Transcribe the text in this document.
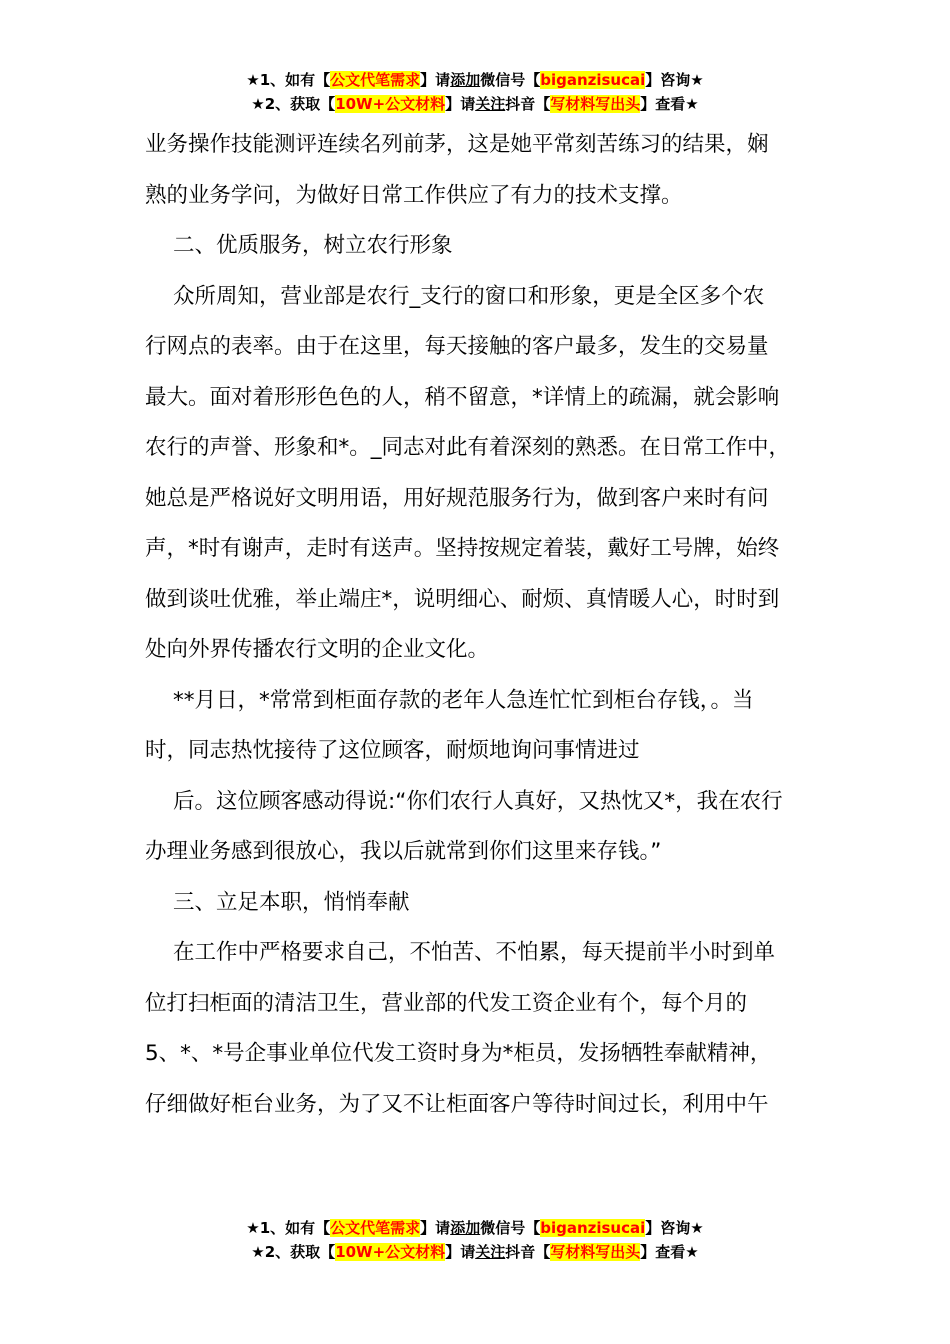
★1、如有【公文代笔需求】请添加微信号【biganzisucai】咨询★
★2、获取【10W+公文材料】请关注抖音【写材料写出头】查看★
业务操作技能测评连续名列前茅，这是她平常刻苦练习的结果，娴
熟的业务学问，为做好日常工作供应了有力的技术支撑。
二、优质服务，树立农行形象
众所周知，营业部是农行_支行的窗口和形象，更是全区多个农
行网点的表率。由于在这里，每天接触的客户最多，发生的交易量
最大。面对着形形色色的人，稍不留意，*详情上的疏漏，就会影响
农行的声誉、形象和*。_同志对此有着深刻的熟悉。在日常工作中，
她总是严格说好文明用语，用好规范服务行为，做到客户来时有问
声，*时有谢声，走时有送声。坚持按规定着装，戴好工号牌，始终
做到谈吐优雅，举止端庄*，说明细心、耐烦、真情暖人心，时时到
处向外界传播农行文明的企业文化。
**月日，*常常到柜面存款的老年人急连忙忙到柜台存钱，。当
时，同志热忱接待了这位顾客，耐烦地询问事情进过
后。这位顾客感动得说:“你们农行人真好，又热忱又*，我在农行
办理业务感到很放心，我以后就常到你们这里来存钱。”
三、立足本职，悄悄奉献
在工作中严格要求自己，不怕苦、不怕累，每天提前半小时到单
位打扫柜面的清洁卫生，营业部的代发工资企业有个，每个月的
5、*、*号企事业单位代发工资时身为*柜员，发扬牺牲奉献精神，
仔细做好柜台业务，为了又不让柜面客户等待时间过长，利用中午
★1、如有【公文代笔需求】请添加微信号【biganzisucai】咨询★
★2、获取【10W+公文材料】请关注抖音【写材料写出头】查看★
